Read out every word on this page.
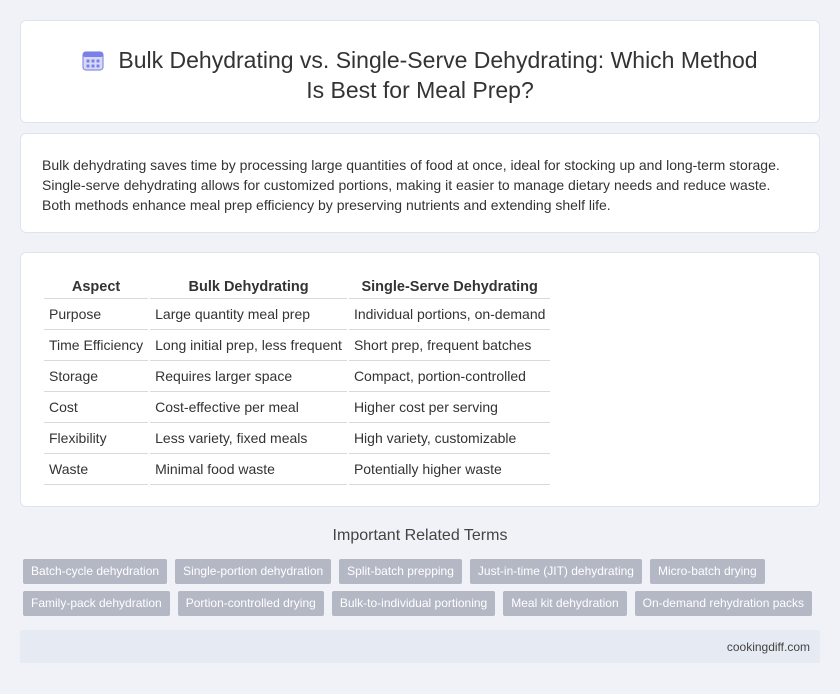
Bulk Dehydrating vs. Single-Serve Dehydrating: Which Method Is Best for Meal Prep?

Bulk dehydrating saves time by processing large quantities of food at once, ideal for stocking up and long-term storage. Single-serve dehydrating allows for customized portions, making it easier to manage dietary needs and reduce waste. Both methods enhance meal prep efficiency by preserving nutrients and extending shelf life.

Aspect	Bulk Dehydrating	Single-Serve Dehydrating
Purpose	Large quantity meal prep	Individual portions, on-demand
Time Efficiency	Long initial prep, less frequent	Short prep, frequent batches
Storage	Requires larger space	Compact, portion-controlled
Cost	Cost-effective per meal	Higher cost per serving
Flexibility	Less variety, fixed meals	High variety, customizable
Waste	Minimal food waste	Potentially higher waste
Important Related Terms
Batch-cycle dehydration	Single-portion dehydration	Split-batch prepping	Just-in-time (JIT) dehydrating	Micro-batch drying
Family-pack dehydration	Portion-controlled drying	Bulk-to-individual portioning	Meal kit dehydration	On-demand rehydration packs
cookingdiff.com
